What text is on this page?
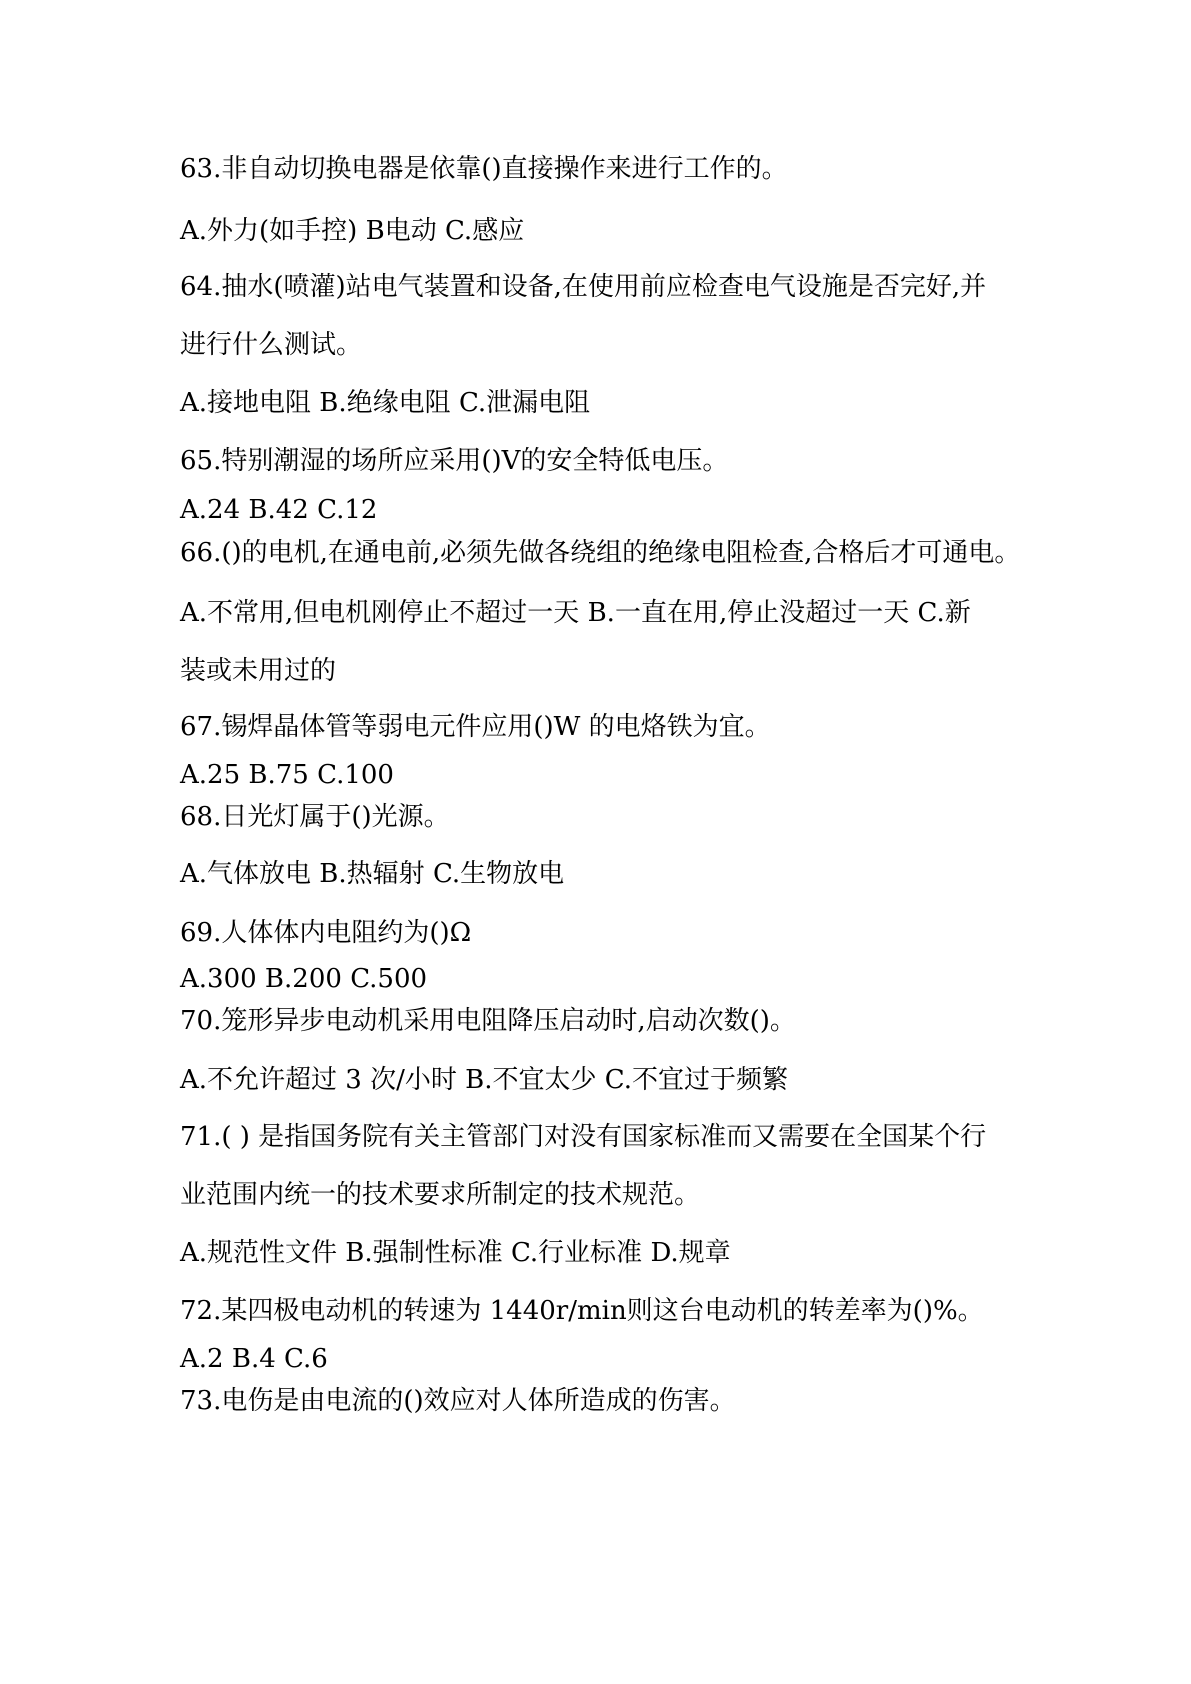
63.非自动切换电器是依靠()直接操作来进行工作的。

A.外力(如手控) B电动 C.感应

64.抽水(喷灌)站电气装置和设备,在使用前应检查电气设施是否完好,并

进行什么测试。

A.接地电阻 B.绝缘电阻 C.泄漏电阻

65.特别潮湿的场所应采用()V的安全特低电压。

A.24 B.42 C.12

66.()的电机,在通电前,必须先做各绕组的绝缘电阻检查,合格后才可通电。

A.不常用,但电机刚停止不超过一天 B.一直在用,停止没超过一天 C.新

装或未用过的

67.锡焊晶体管等弱电元件应用()W 的电烙铁为宜。

A.25 B.75 C.100

68.日光灯属于()光源。

A.气体放电 B.热辐射 C.生物放电

69.人体体内电阻约为()Ω

A.300 B.200 C.500

70.笼形异步电动机采用电阻降压启动时,启动次数()。

A.不允许超过 3 次/小时 B.不宜太少 C.不宜过于频繁

71.( ) 是指国务院有关主管部门对没有国家标准而又需要在全国某个行

业范围内统一的技术要求所制定的技术规范。

A.规范性文件 B.强制性标准 C.行业标准 D.规章

72.某四极电动机的转速为 1440r/min则这台电动机的转差率为()%。

A.2 B.4 C.6

73.电伤是由电流的()效应对人体所造成的伤害。
